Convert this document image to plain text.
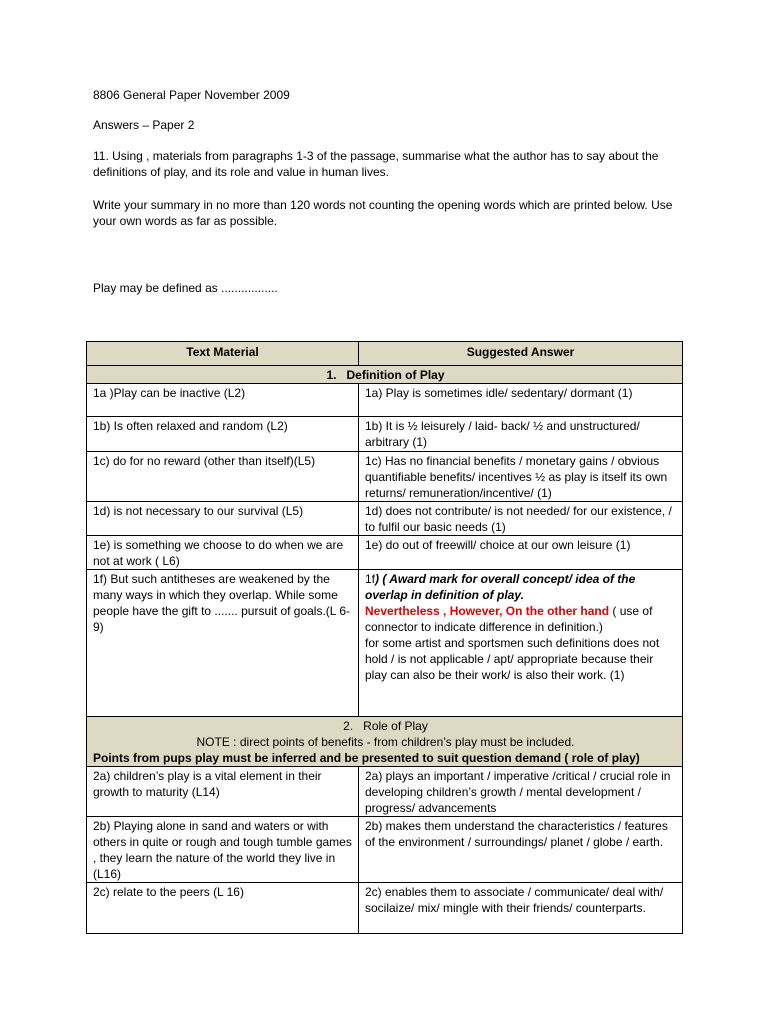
8806 General Paper November 2009

Answers – Paper 2

11. Using , materials from paragraphs 1-3 of the passage, summarise what the author has to say about the definitions of play, and its role and value in human lives.

Write your summary in no more than 120 words not counting the opening words which are printed below. Use your own words as far as possible.

Play may be defined as .................

Text Material	Suggested Answer
1. Definition of Play	
1a )Play can be inactive (L2)	1a) Play is sometimes idle/ sedentary/ dormant (1)
1b) Is often relaxed and random (L2)	1b) It is ½ leisurely / laid- back/ ½ and unstructured/ arbitrary (1)
1c) do for no reward (other than itself)(L5)	1c) Has no financial benefits / monetary gains / obvious quantifiable benefits/ incentives ½ as play is itself its own returns/ remuneration/incentive/ (1)
1d) is not necessary to our survival (L5)	1d) does not contribute/ is not needed/ for our existence, / to fulfil our basic needs (1)
1e) is something we choose to do when we are not at work ( L6)	1e) do out of freewill/ choice at our own leisure (1)
1f) But such antitheses are weakened by the many ways in which they overlap. While some people have the gift to ....... pursuit of goals.(L 6-9)	1f) ( Award mark for overall concept/ idea of the overlap in definition of play.
Nevertheless , However, On the other hand ( use of connector to indicate difference in definition.)
for some artist and sportsmen such definitions does not hold / is not applicable / apt/ appropriate because their play can also be their work/ is also their work. (1)

2. Role of Play
NOTE : direct points of benefits - from children’s play must be included.
Points from pups play must be inferred and be presented to suit question demand ( role of play)	

2a) children’s play is a vital element in their growth to maturity (L14)	2a) plays an important / imperative /critical / crucial role in developing children’s growth / mental development / progress/ advancements
2b) Playing alone in sand and waters or with others in quite or rough and tough tumble games , they learn the nature of the world they live in (L16)	2b) makes them understand the characteristics / features of the environment / surroundings/ planet / globe / earth.
2c) relate to the peers (L 16)	2c) enables them to associate / communicate/ deal with/ socilaize/ mix/ mingle with their friends/ counterparts.
